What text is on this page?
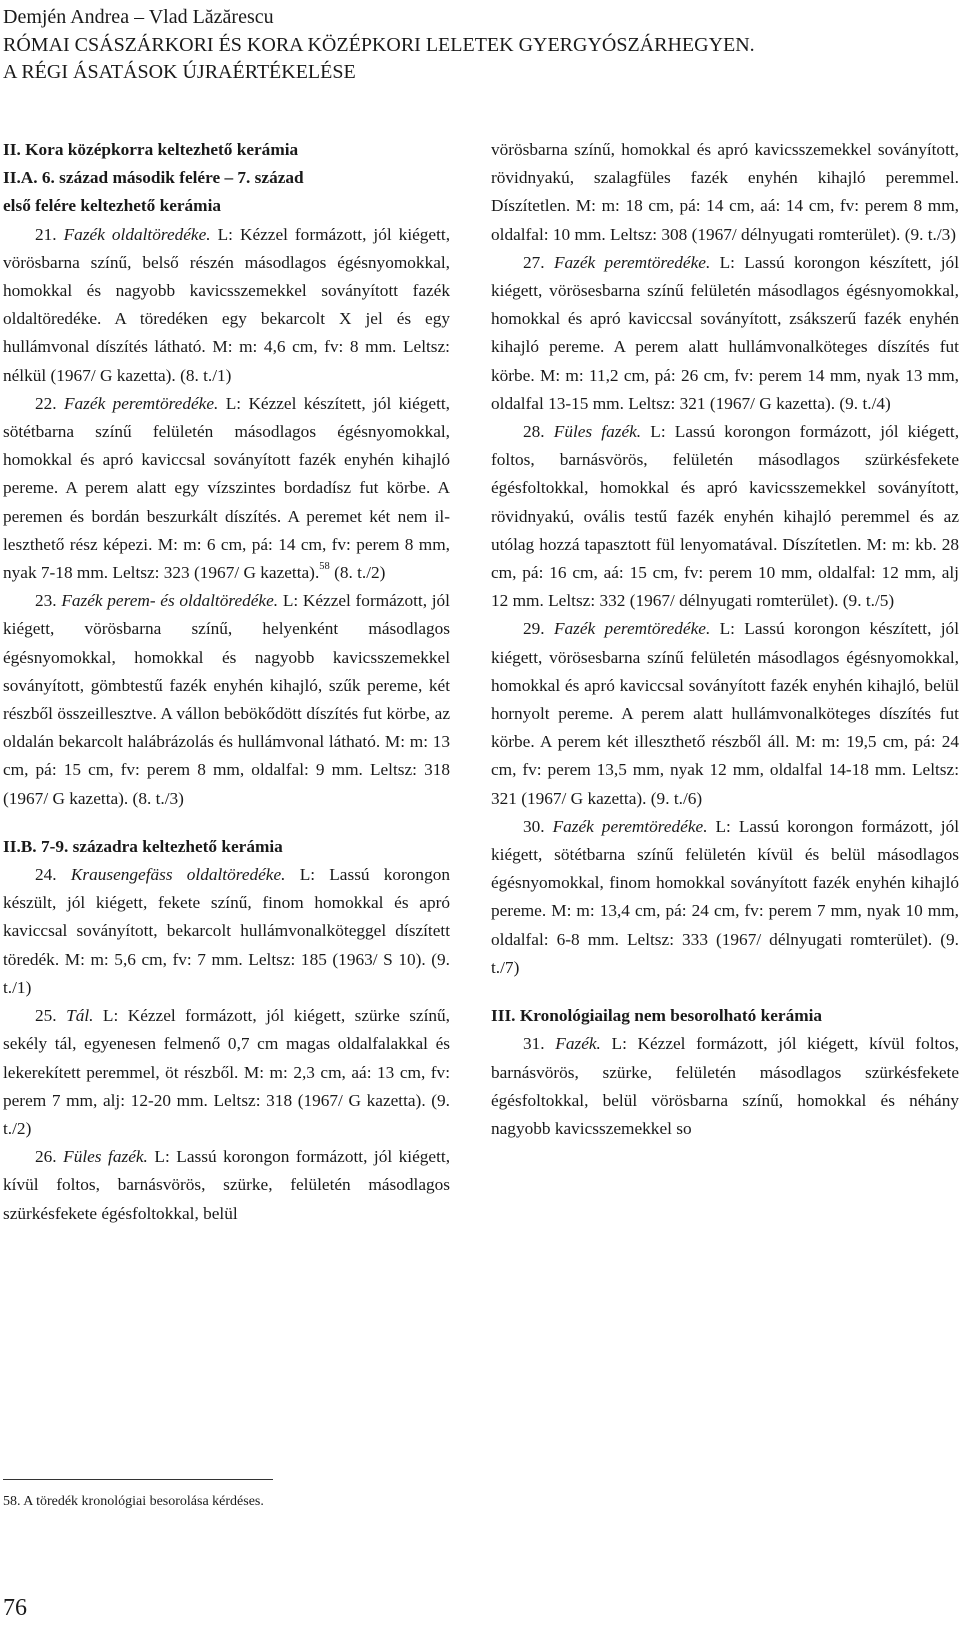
Demjén Andrea – Vlad Lăzărescu
RÓMAI CSÁSZÁRKORI ÉS KORA KÖZÉPKORI LELETEK GYERGYÓSZÁRHEGYEN.
A RÉGI ÁSATÁSOK ÚJRAÉRTÉKELÉSE
II. Kora középkorra keltezhető kerámia
II.A. 6. század második felére – 7. század
első felére keltezhető kerámia

21. Fazék oldaltöredéke. L: Kézzel formázott, jól kiégett, vörösbarna színű, belső részén másodlagos égésnyomokkal, homokkal és nagyobb kavicsszemekkel soványított fazék oldaltöredéke. A töredéken egy bekarcolt X jel és egy hullámvonal díszítés látható. M: m: 4,6 cm, fv: 8 mm. Leltsz: nélkül (1967/ G kazetta). (8. t./1)

22. Fazék peremtöredéke. L: Kézzel készített, jól kiégett, sötétbarna színű felületén másodlagos égésnyomokkal, homokkal és apró kaviccsal soványított fazék enyhén kihajló pereme. A perem alatt egy vízszintes bordadísz fut körbe. A peremen és bordán beszurkált díszítés. A peremet két nem illeszthető rész képezi. M: m: 6 cm, pá: 14 cm, fv: perem 8 mm, nyak 7-18 mm. Leltsz: 323 (1967/ G kazetta).$^{58}$ (8. t./2)

23. Fazék perem- és oldaltöredéke. L: Kézzel formázott, jól kiégett, vörösbarna színű, helyenként másodlagos égésnyomokkal, homokkal és nagyobb kavicsszemekkel soványított, gömbtestű fazék enyhén kihajló, szűk pereme, két részből összeillesztve. A vállon bebökődött díszítés fut körbe, az oldalán bekarcolt halábrázolás és hullámvonal látható. M: m: 13 cm, pá: 15 cm, fv: perem 8 mm, oldalfal: 9 mm. Leltsz: 318 (1967/ G kazetta). (8. t./3)

II.B. 7-9. századra keltezhető kerámia

24. Krausengefäss oldaltöredéke. L: Lassú korongon készült, jól kiégett, fekete színű, finom homokkal és apró kaviccsal soványított, bekarcolt hullámvonalköteggel díszített töredék. M: m: 5,6 cm, fv: 7 mm. Leltsz: 185 (1963/ S 10). (9. t./1)

25. Tál. L: Kézzel formázott, jól kiégett, szürke színű, sekély tál, egyenesen felmenő 0,7 cm magas oldalfalakkal és lekerekített peremmel, öt részből. M: m: 2,3 cm, aá: 13 cm, fv: perem 7 mm, alj: 12-20 mm. Leltsz: 318 (1967/ G kazetta). (9. t./2)

26. Füles fazék. L: Lassú korongon formázott, jól kiégett, kívül foltos, barnásvörös, szürke, felületén másodlagos szürkésfekete égésfoltokkal, belül

vörösbarna színű, homokkal és apró kavicsszemekkel soványított, rövidnyakú, szalagfüles fazék enyhén kihajló peremmel. Díszítetlen. M: m: 18 cm, pá: 14 cm, aá: 14 cm, fv: perem 8 mm, oldalfal: 10 mm. Leltsz: 308 (1967/ délnyugati romterület). (9. t./3)

27. Fazék peremtöredéke. L: Lassú korongon készített, jól kiégett, vörösesbarna színű felületén másodlagos égésnyomokkal, homokkal és apró kaviccsal soványított, zsákszerű fazék enyhén kihajló pereme. A perem alatt hullámvonalköteges díszítés fut körbe. M: m: 11,2 cm, pá: 26 cm, fv: perem 14 mm, nyak 13 mm, oldalfal 13-15 mm. Leltsz: 321 (1967/ G kazetta). (9. t./4)

28. Füles fazék. L: Lassú korongon formázott, jól kiégett, foltos, barnásvörös, felületén másodlagos szürkésfekete égésfoltokkal, homokkal és apró kavicsszemekkel soványított, rövidnyakú, ovális testű fazék enyhén kihajló peremmel és az utólag hozzá tapasztott fül lenyomatával. Díszítetlen. M: m: kb. 28 cm, pá: 16 cm, aá: 15 cm, fv: perem 10 mm, oldalfal: 12 mm, alj 12 mm. Leltsz: 332 (1967/ délnyugati romterület). (9. t./5)

29. Fazék peremtöredéke. L: Lassú korongon készített, jól kiégett, vörösesbarna színű felületén másodlagos égésnyomokkal, homokkal és apró kaviccsal soványított fazék enyhén kihajló, belül hornyolt pereme. A perem alatt hullámvonalköteges díszítés fut körbe. A perem két illeszthető részből áll. M: m: 19,5 cm, pá: 24 cm, fv: perem 13,5 mm, nyak 12 mm, oldalfal 14-18 mm. Leltsz: 321 (1967/ G kazetta). (9. t./6)

30. Fazék peremtöredéke. L: Lassú korongon formázott, jól kiégett, sötétbarna színű felületén kívül és belül másodlagos égésnyomokkal, finom homokkal soványított fazék enyhén kihajló pereme. M: m: 13,4 cm, pá: 24 cm, fv: perem 7 mm, nyak 10 mm, oldalfal: 6-8 mm. Leltsz: 333 (1967/ délnyugati romterület). (9. t./7)

III. Kronológiailag nem besorolható kerámia

31. Fazék. L: Kézzel formázott, jól kiégett, kívül foltos, barnásvörös, szürke, felületén másodlagos szürkésfekete égésfoltokkal, belül vörösbarna színű, homokkal és néhány nagyobb kavicsszemekkel so

58. A töredék kronológiai besorolása kérdéses.
76
